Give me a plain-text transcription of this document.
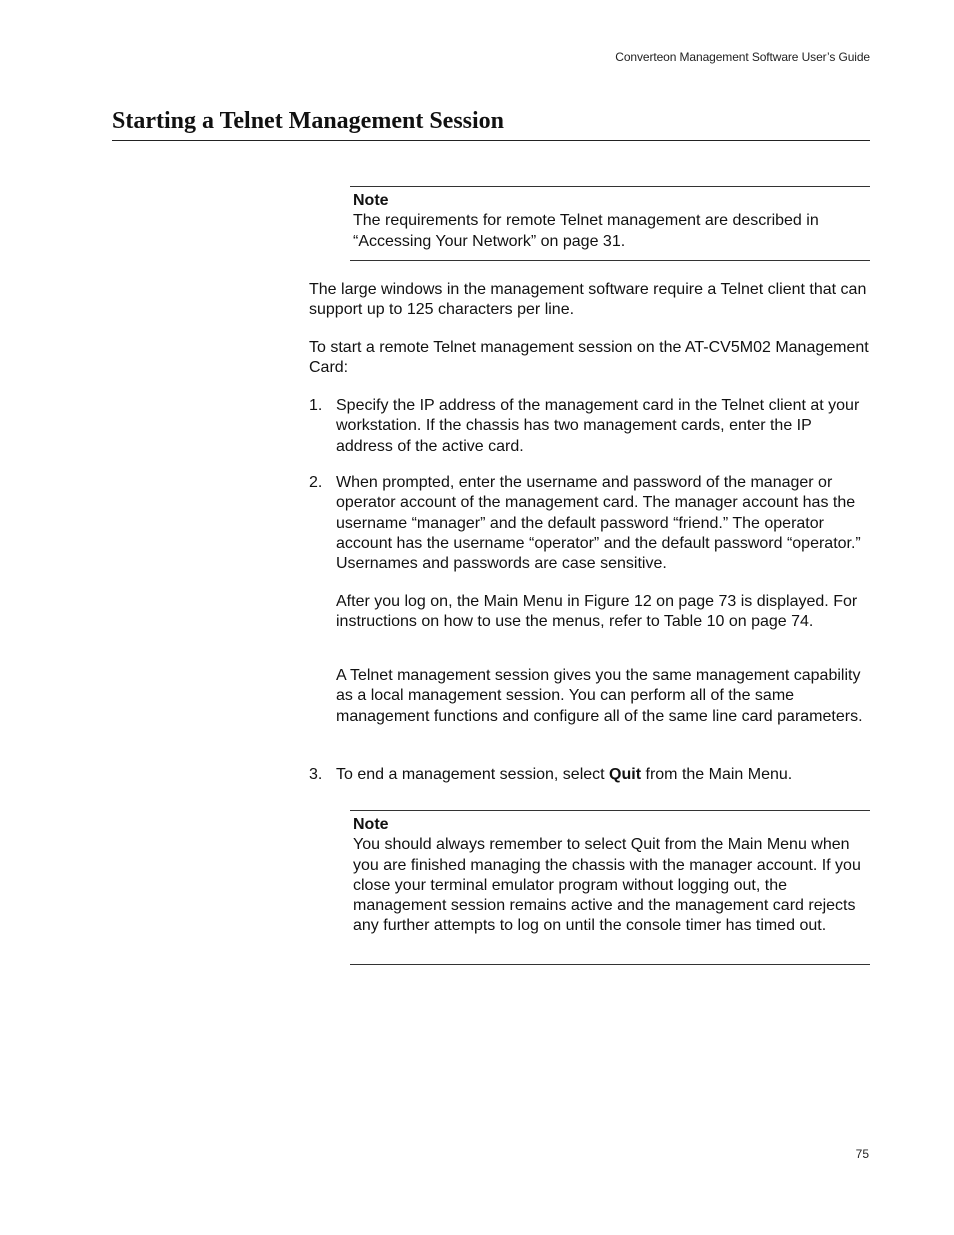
Converteon Management Software User’s Guide
Starting a Telnet Management Session
Note
The requirements for remote Telnet management are described in “Accessing Your Network” on page 31.

The large windows in the management software require a Telnet client that can support up to 125 characters per line.

To start a remote Telnet management session on the AT-CV5M02 Management Card:

1. Specify the IP address of the management card in the Telnet client at your workstation. If the chassis has two management cards, enter the IP address of the active card.
2. When prompted, enter the username and password of the manager or operator account of the management card. The manager account has the username “manager” and the default password “friend.” The operator account has the username “operator” and the default password “operator.” Usernames and passwords are case sensitive.

After you log on, the Main Menu in Figure 12 on page 73 is displayed. For instructions on how to use the menus, refer to Table 10 on page 74.

A Telnet management session gives you the same management capability as a local management session. You can perform all of the same management functions and configure all of the same line card parameters.

3. To end a management session, select Quit from the Main Menu.
Note
You should always remember to select Quit from the Main Menu when you are finished managing the chassis with the manager account. If you close your terminal emulator program without logging out, the management session remains active and the management card rejects any further attempts to log on until the console timer has timed out.
75
